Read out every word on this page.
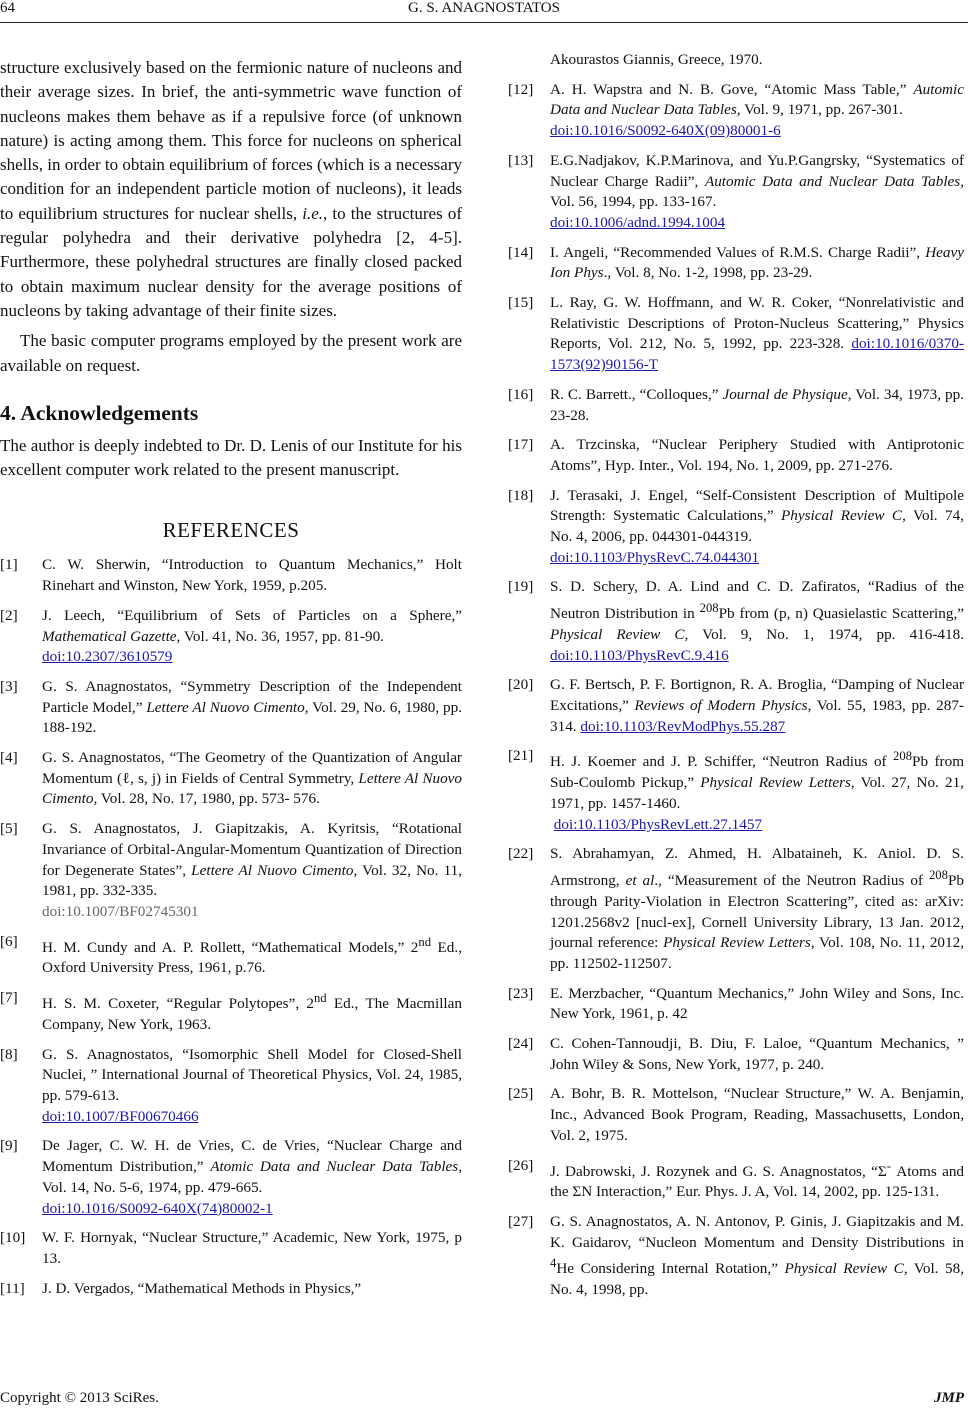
64	G. S. ANAGNOSTATOS

structure exclusively based on the fermionic nature of nucleons and their average sizes. In brief, the anti-symmetric wave function of nucleons makes them behave as if a repulsive force (of unknown nature) is acting among them. This force for nucleons on spherical shells, in order to obtain equilibrium of forces (which is a necessary condition for an independent particle motion of nucleons), it leads to equilibrium structures for nuclear shells, i.e., to the structures of regular polyhedra and their derivative polyhedra [2, 4-5]. Furthermore, these polyhedral structures are finally closed packed to obtain maximum nuclear density for the average positions of nucleons by taking advantage of their finite sizes.

The basic computer programs employed by the present work are available on request.

4. Acknowledgements

The author is deeply indebted to Dr. D. Lenis of our Institute for his excellent computer work related to the present manuscript.

REFERENCES
[1] C. W. Sherwin, “Introduction to Quantum Mechanics,” Holt Rinehart and Winston, New York, 1959, p.205.
[2] J. Leech, “Equilibrium of Sets of Particles on a Sphere,” Mathematical Gazette, Vol. 41, No. 36, 1957, pp. 81-90.
doi:10.2307/3610579
[3] G. S. Anagnostatos, “Symmetry Description of the Independent Particle Model,” Lettere Al Nuovo Cimento, Vol. 29, No. 6, 1980, pp. 188-192.
[4] G. S. Anagnostatos, “The Geometry of the Quantization of Angular Momentum (ℓ, s, j) in Fields of Central Symmetry, Lettere Al Nuovo Cimento, Vol. 28, No. 17, 1980, pp. 573- 576.
[5] G. S. Anagnostatos, J. Giapitzakis, A. Kyritsis, “Rotational Invariance of Orbital-Angular-Momentum Quantization of Direction for Degenerate States”, Lettere Al Nuovo Cimento, Vol. 32, No. 11, 1981, pp. 332-335.
doi:10.1007/BF02745301
[6] H. M. Cundy and A. P. Rollett, “Mathematical Models,” 2nd Ed., Oxford University Press, 1961, p.76.
[7] H. S. M. Coxeter, “Regular Polytopes”, 2nd Ed., The Macmillan Company, New York, 1963.
[8] G. S. Anagnostatos, “Isomorphic Shell Model for Closed-Shell Nuclei, ” International Journal of Theoretical Physics, Vol. 24, 1985, pp. 579-613.
doi:10.1007/BF00670466
[9] De Jager, C. W. H. de Vries, C. de Vries, “Nuclear Charge and Momentum Distribution,” Atomic Data and Nuclear Data Tables, Vol. 14, No. 5-6, 1974, pp. 479-665.
doi:10.1016/S0092-640X(74)80002-1
[10] W. F. Hornyak, “Nuclear Structure,” Academic, New York, 1975, p 13.
[11] J. D. Vergados, “Mathematical Methods in Physics,”
Akourastos Giannis, Greece, 1970.
[12] A. H. Wapstra and N. B. Gove, “Atomic Mass Table,” Automic Data and Nuclear Data Tables, Vol. 9, 1971, pp. 267-301.
doi:10.1016/S0092-640X(09)80001-6
[13] E.G.Nadjakov, K.P.Marinova, and Yu.P.Gangrsky, “Systematics of Nuclear Charge Radii”, Automic Data and Nuclear Data Tables, Vol. 56, 1994, pp. 133-167.
doi:10.1006/adnd.1994.1004
[14] I. Angeli, “Recommended Values of R.M.S. Charge Radii”, Heavy Ion Phys., Vol. 8, No. 1-2, 1998, pp. 23-29.
[15] L. Ray, G. W. Hoffmann, and W. R. Coker, “Nonrelativistic and Relativistic Descriptions of Proton-Nucleus Scattering,” Physics Reports, Vol. 212, No. 5, 1992, pp. 223-328. doi:10.1016/0370-1573(92)90156-T
[16] R. C. Barrett., “Colloques,” Journal de Physique, Vol. 34, 1973, pp. 23-28.
[17] A. Trzcinska, “Nuclear Periphery Studied with Antiprotonic Atoms”, Hyp. Inter., Vol. 194, No. 1, 2009, pp. 271-276.
[18] J. Terasaki, J. Engel, “Self-Consistent Description of Multipole Strength: Systematic Calculations,” Physical Review C, Vol. 74, No. 4, 2006, pp. 044301-044319.
doi:10.1103/PhysRevC.74.044301
[19] S. D. Schery, D. A. Lind and C. D. Zafiratos, “Radius of the Neutron Distribution in $^{208}$Pb from (p, n) Quasielastic Scattering,” Physical Review C, Vol. 9, No. 1, 1974, pp. 416-418. doi:10.1103/PhysRevC.9.416
[20] G. F. Bertsch, P. F. Bortignon, R. A. Broglia, “Damping of Nuclear Excitations,” Reviews of Modern Physics, Vol. 55, 1983, pp. 287-314. doi:10.1103/RevModPhys.55.287
[21] H. J. Koemer and J. P. Schiffer, “Neutron Radius of $^{208}$Pb from Sub-Coulomb Pickup,” Physical Review Letters, Vol. 27, No. 21, 1971, pp. 1457-1460.
doi:10.1103/PhysRevLett.27.1457
[22] S. Abrahamyan, Z. Ahmed, H. Albataineh, K. Aniol. D. S. Armstrong, et al., “Measurement of the Neutron Radius of $^{208}$Pb through Parity-Violation in Electron Scattering”, cited as: arXiv: 1201.2568v2 [nucl-ex], Cornell University Library, 13 Jan. 2012, journal reference: Physical Review Letters, Vol. 108, No. 11, 2012, pp. 112502-112507.
[23] E. Merzbacher, “Quantum Mechanics,” John Wiley and Sons, Inc. New York, 1961, p. 42
[24] C. Cohen-Tannoudji, B. Diu, F. Laloe, “Quantum Mechanics, ” John Wiley & Sons, New York, 1977, p. 240.
[25] A. Bohr, B. R. Mottelson, “Nuclear Structure,” W. A. Benjamin, Inc., Advanced Book Program, Reading, Massachusetts, London, Vol. 2, 1975.
[26] J. Dabrowski, J. Rozynek and G. S. Anagnostatos, “Σ- Atoms and the ΣN Interaction,” Eur. Phys. J. A, Vol. 14, 2002, pp. 125-131.
[27] G. S. Anagnostatos, A. N. Antonov, P. Ginis, J. Giapitzakis and M. K. Gaidarov, “Nucleon Momentum and Density Distributions in $^4$He Considering Internal Rotation,” Physical Review C, Vol. 58, No. 4, 1998, pp.
Copyright © 2013 SciRes.	JMP
